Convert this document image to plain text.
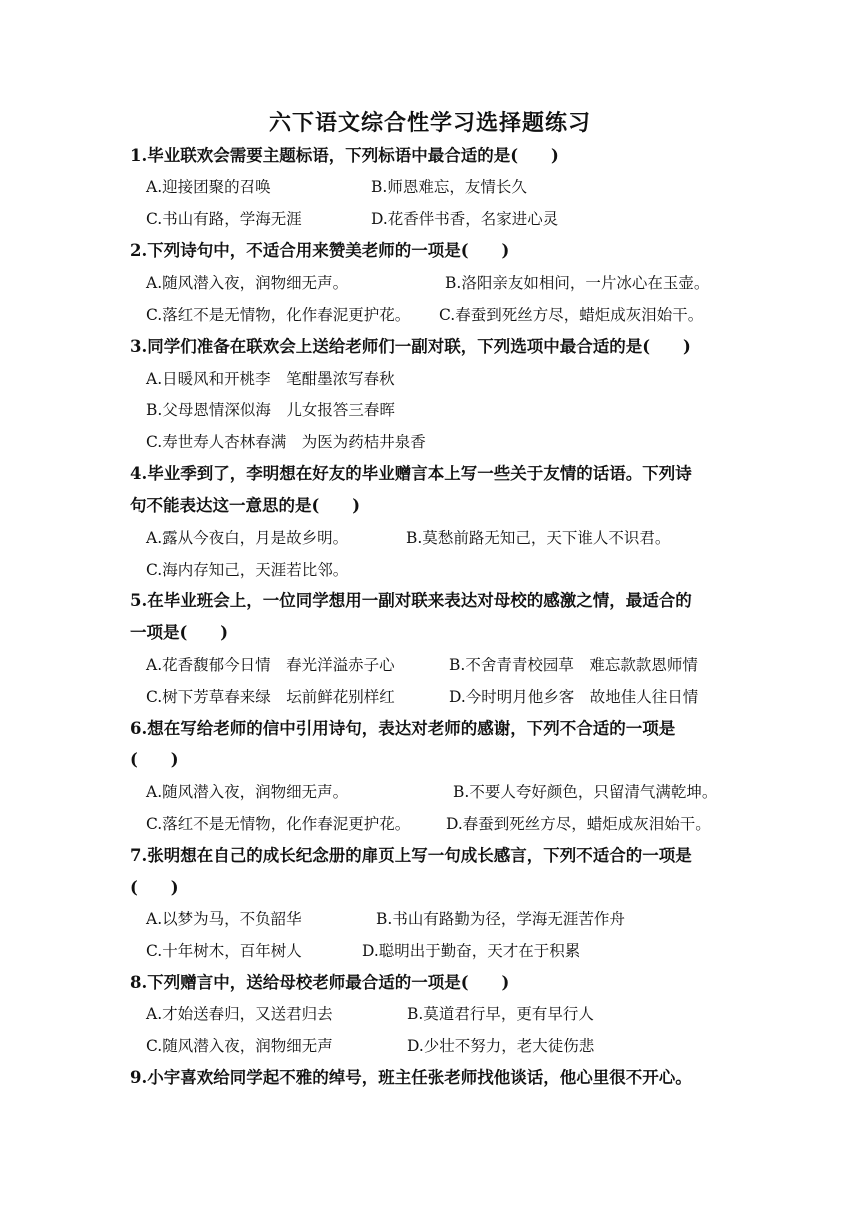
六下语文综合性学习选择题练习
1.毕业联欢会需要主题标语，下列标语中最合适的是(　　)
A.迎接团聚的召唤	B.师恩难忘，友情长久
C.书山有路，学海无涯	D.花香伴书香，名家进心灵
2.下列诗句中，不适合用来赞美老师的一项是(　　)
A.随风潜入夜，润物细无声。	B.洛阳亲友如相问，一片冰心在玉壶。
C.落红不是无情物，化作春泥更护花。 C.春蚕到死丝方尽，蜡炬成灰泪始干。
3.同学们准备在联欢会上送给老师们一副对联，下列选项中最合适的是(　　)
A.日暖风和开桃李　笔酣墨浓写春秋
B.父母恩情深似海　儿女报答三春晖
C.寿世寿人杏林春满　为医为药桔井泉香
4.毕业季到了，李明想在好友的毕业赠言本上写一些关于友情的话语。下列诗
句不能表达这一意思的是(　　)
A.露从今夜白，月是故乡明。	B.莫愁前路无知己，天下谁人不识君。
C.海内存知己，天涯若比邻。
5.在毕业班会上，一位同学想用一副对联来表达对母校的感激之情，最适合的
一项是(　　)
A.花香馥郁今日情　春光洋溢赤子心	B.不舍青青校园草　难忘款款恩师情
C.树下芳草春来绿　坛前鲜花别样红	D.今时明月他乡客　故地佳人往日情
6.想在写给老师的信中引用诗句，表达对老师的感谢，下列不合适的一项是
(　　)
A.随风潜入夜，润物细无声。	B.不要人夸好颜色，只留清气满乾坤。
C.落红不是无情物，化作春泥更护花。 D.春蚕到死丝方尽，蜡炬成灰泪始干。
7.张明想在自己的成长纪念册的扉页上写一句成长感言，下列不适合的一项是
(　　)
A.以梦为马，不负韶华	B.书山有路勤为径，学海无涯苦作舟
C.十年树木，百年树人	D.聪明出于勤奋，天才在于积累
8.下列赠言中，送给母校老师最合适的一项是(　　)
A.才始送春归，又送君归去	B.莫道君行早，更有早行人
C.随风潜入夜，润物细无声	D.少壮不努力，老大徒伤悲
9.小宇喜欢给同学起不雅的绰号，班主任张老师找他谈话，他心里很不开心。
